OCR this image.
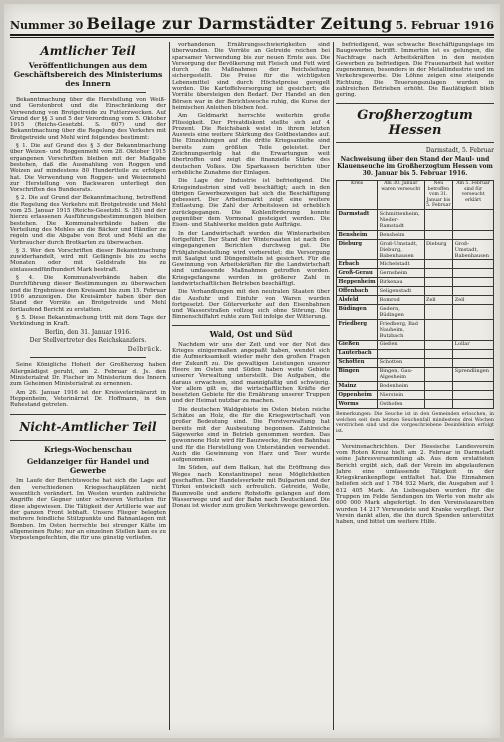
Nummer 30 Beilage zur Darmstädter Zeitung 5. Februar 1916
Amtlicher Teil
Veröffentlichungen aus dem Geschäftsbereich des Ministeriums des Innern

Bekanntmachung über die Herstellung von Weiß- und Gerstenbrot und die Einschränkung der Verwendung von Brotgetreide zu Futterzwecken. Auf Grund der §§ 3 und 5 der Verordnung vom 5. Oktober 1915 (Reichs-Gesetzbl. S. 607) und der Bekanntmachung über die Regelung des Verkehrs mit Brotgetreide und Mehl wird folgendes bestimmt:

§ 1. Die auf Grund des § 3 der Bekanntmachung über Weizen- und Roggenmehl vom 28. Oktober 1915 ergangenen Vorschriften bleiben mit der Maßgabe bestehen, daß die Ausmahlung von Roggen und Weizen auf mindestens 80 Hundertteile zu erfolgen hat. Die Verwendung von Roggen- und Weizenmehl zur Herstellung von Backwaren unterliegt den Vorschriften des Bundesrats.

§ 2. Die auf Grund der Bekanntmachung, betreffend die Regelung des Verkehrs mit Brotgetreide und Mehl vom 25. Januar 1915 (Reichs-Gesetzbl. S. 35) und der hierzu erlassenen Ausführungsbestimmungen bleiben bestehen. Die Kommunalverbände haben die Verteilung des Mehles an die Bäcker und Händler zu regeln und die Abgabe von Brot und Mehl an die Verbraucher durch Brotkarten zu überwachen.

§ 3. Wer den Vorschriften dieser Bekanntmachung zuwiderhandelt, wird mit Gefängnis bis zu sechs Monaten oder mit Geldstrafe bis zu eintausendfünfhundert Mark bestraft.

§ 4. Die Kommunalverbände haben die Durchführung dieser Bestimmungen zu überwachen und die Ergebnisse dem Kreisamt bis zum 15. Februar 1916 anzuzeigen. Die Kreisämter haben über den Stand der Vorräte an Brotgetreide und Mehl fortlaufend Bericht zu erstatten.

§ 5. Diese Bekanntmachung tritt mit dem Tage der Verkündung in Kraft.

Berlin, den 31. Januar 1916.
Der Stellvertreter des Reichskanzlers.
Delbrück.

Seine Königliche Hoheit der Großherzog haben Allergnädigst geruht, am 2. Februar d. Js. den Ministerialrat Dr. Fischer im Ministerium des Innern zum Geheimen Ministerialrat zu ernennen.

Am 26. Januar 1916 ist der Kreisveterinärarzt in Heppenheim, Veterinärrat Dr. Hoffmann, in den Ruhestand getreten.

Nicht-Amtlicher Teil
Kriegs-Wochenschau
Geldanzeiger für Handel und Gewerbe

Im Laufe der Berichtswoche hat sich die Lage auf den verschiedenen Kriegsschauplätzen nicht wesentlich verändert. Im Westen wurden zahlreiche Angriffe der Gegner unter schweren Verlusten für diese abgewiesen. Die Tätigkeit der Artillerie war auf der ganzen Front lebhaft. Unsere Flieger belegten mehrere feindliche Stützpunkte und Bahnanlagen mit Bomben. Im Osten herrschte bei strenger Kälte im allgemeinen Ruhe; nur an einzelnen Stellen kam es zu Vorpostengefechten, die für uns günstig verliefen.

vorhandenen Ernährungsschwierigkeiten sind überwunden. Die Vorräte an Getreide reichen bei sparsamer Verwendung bis zur neuen Ernte aus. Die Versorgung der Bevölkerung mit Fleisch und Fett wird durch die Maßnahmen der Reichsleitung sichergestellt. Die Preise für die wichtigsten Lebensmittel sind durch Höchstpreise geregelt worden. Die Kartoffelversorgung ist gesichert; die Vorräte übersteigen den Bedarf. Der Handel an den Börsen war in der Berichtswoche ruhig, die Kurse der heimischen Anleihen blieben fest.

Am Geldmarkt herrschte weiterhin große Flüssigkeit. Der Privatdiskont stellte sich auf 4 Prozent. Die Reichsbank weist in ihrem letzten Ausweis eine weitere Stärkung des Goldbestandes auf. Die Einzahlungen auf die dritte Kriegsanleihe sind bereits zum größten Teile geleistet. Der Zeichnungserfolg hat die Erwartungen weit übertroffen und zeigt die finanzielle Stärke des deutschen Volkes. Die Sparkassen berichten über erhebliche Zunahme der Einlagen.

Die Lage der Industrie ist befriedigend. Die Kriegsindustrien sind voll beschäftigt; auch in den übrigen Gewerbezweigen hat sich die Beschäftigung gebessert. Der Arbeitsmarkt zeigt eine weitere Entlastung. Die Zahl der Arbeitslosen ist erheblich zurückgegangen. Die Kohlenförderung konnte gegenüber dem Vormonat gesteigert werden. Die Eisen- und Stahlwerke melden gute Aufträge.

In der Landwirtschaft wurden die Winterarbeiten fortgeführt. Der Stand der Wintersaaten ist nach den eingegangenen Berichten durchweg gut. Die Frühjahrsbestellung wird vorbereitet; die Versorgung mit Saatgut und Düngemitteln ist gesichert. Für die Gewinnung von Arbeitskräften für die Landwirtschaft sind umfassende Maßnahmen getroffen worden. Kriegsgefangene werden in größerer Zahl in landwirtschaftlichen Betrieben beschäftigt.

Die Verhandlungen mit den neutralen Staaten über die Ausfuhr und Einfuhr von Waren wurden fortgesetzt. Der Güterverkehr auf den Eisenbahnen und Wasserstraßen vollzog sich ohne Störung. Die Binnenschiffahrt ruhte zum Teil infolge der Witterung.

Wald, Ost und Süd

Nachdem wir uns der Zeit und vor der Not des Krieges einigermaßen angepaßt haben, wendet sich die Aufmerksamkeit wieder mehr den großen Fragen der Zukunft zu. Die gewaltigen Leistungen unserer Heere im Osten und Süden haben weite Gebiete unserer Verwaltung unterstellt. Die Aufgaben, die daraus erwachsen, sind mannigfaltig und schwierig. Vor allem gilt es, die wirtschaftlichen Kräfte der besetzten Gebiete für die Ernährung unserer Truppen und der Heimat nutzbar zu machen.

Die deutschen Waldgebiete im Osten bieten reiche Schätze an Holz, die für die Kriegswirtschaft von großer Bedeutung sind. Die Forstverwaltung hat bereits mit der Ausbeutung begonnen. Zahlreiche Sägewerke sind in Betrieb genommen worden. Das gewonnene Holz wird für Bauzwecke, für den Bahnbau und für die Herstellung von Unterständen verwendet. Auch die Gewinnung von Harz und Teer wurde aufgenommen.

Im Süden, auf dem Balkan, hat die Eröffnung des Weges nach Konstantinopel neue Möglichkeiten geschaffen. Der Handelsverkehr mit Bulgarien und der Türkei entwickelt sich erfreulich. Getreide, Wolle, Baumwolle und andere Rohstoffe gelangen auf dem Wasserwege und auf der Bahn nach Deutschland. Die Donau ist wieder zum großen Verkehrswege geworden.

befriedigend, was schwache Beschäftigungslage im Baugewerbe betrifft. Immerhin ist es gelungen, die Nachfrage nach Arbeitskräften in den meisten Gewerben zu befriedigen. Die Frauenarbeit hat weiter zugenommen, besonders in der Metallindustrie und im Verkehrsgewerbe. Die Löhne zeigen eine steigende Richtung. Die Teuerungszulagen wurden in zahlreichen Betrieben erhöht. Die Bautätigkeit blieb gering.

Großherzogtum Hessen
Darmstadt, 5. Februar
Nachweisung über den Stand der Maul- und Klauenseuche im Großherzogtum Hessen vom 30. Januar bis 5. Februar 1916.
Kreis	Am 30. Januar waren verseucht	Neu betroffen vom 31. Januar bis 5. Februar	Am 5. Februar sind für verseucht erklärt
Darmstadt	Schmittenheim, Nieder-Ramstadt		
Bensheim	Bensheim		
Dieburg	Groß-Umstadt, Dieburg, Babenhausen	Dieburg	Groß-Umstadt, Babenhausen
Erbach	Michelstadt		
Groß-Gerau	Gernsheim		
Heppenheim	Birkenau		
Offenbach	Seligenstadt		
Alsfeld	Romrod	Zell	Zell
Büdingen	Gedern, Büdingen		
Friedberg	Friedberg, Bad Nauheim, Butzbach		
Gießen	Gießen		Lollar
Lauterbach			
Schotten	Schotten		
Bingen	Bingen, Gau-Algesheim		Sprendlingen
Mainz	Bodenheim		
Oppenheim	Nierstein		
Worms	Osthofen		
Bemerkungen: Die Seuche ist in den Gemeinden erloschen, in welchen seit dem letzten Seuchenfall mindestens drei Wochen verstrichen sind und die vorgeschriebene Desinfektion erfolgt ist.

Vereinsnachrichten. Der Hessische Landesverein vom Roten Kreuz hielt am 2. Februar in Darmstadt seine Jahresversammlung ab. Aus dem erstatteten Bericht ergibt sich, daß der Verein im abgelaufenen Jahre eine umfassende Tätigkeit in der Kriegskrankenpflege entfaltet hat. Die Einnahmen beliefen sich auf 1 784 932 Mark, die Ausgaben auf 1 612 405 Mark. An Liebesgaben wurden für die Truppen im Felde Sendungen im Werte von mehr als 600 000 Mark abgefertigt. In den Vereinslazaretten wurden 14 217 Verwundete und Kranke verpflegt. Der Verein dankt allen, die ihn durch Spenden unterstützt haben, und bittet um weitere Hilfe.
